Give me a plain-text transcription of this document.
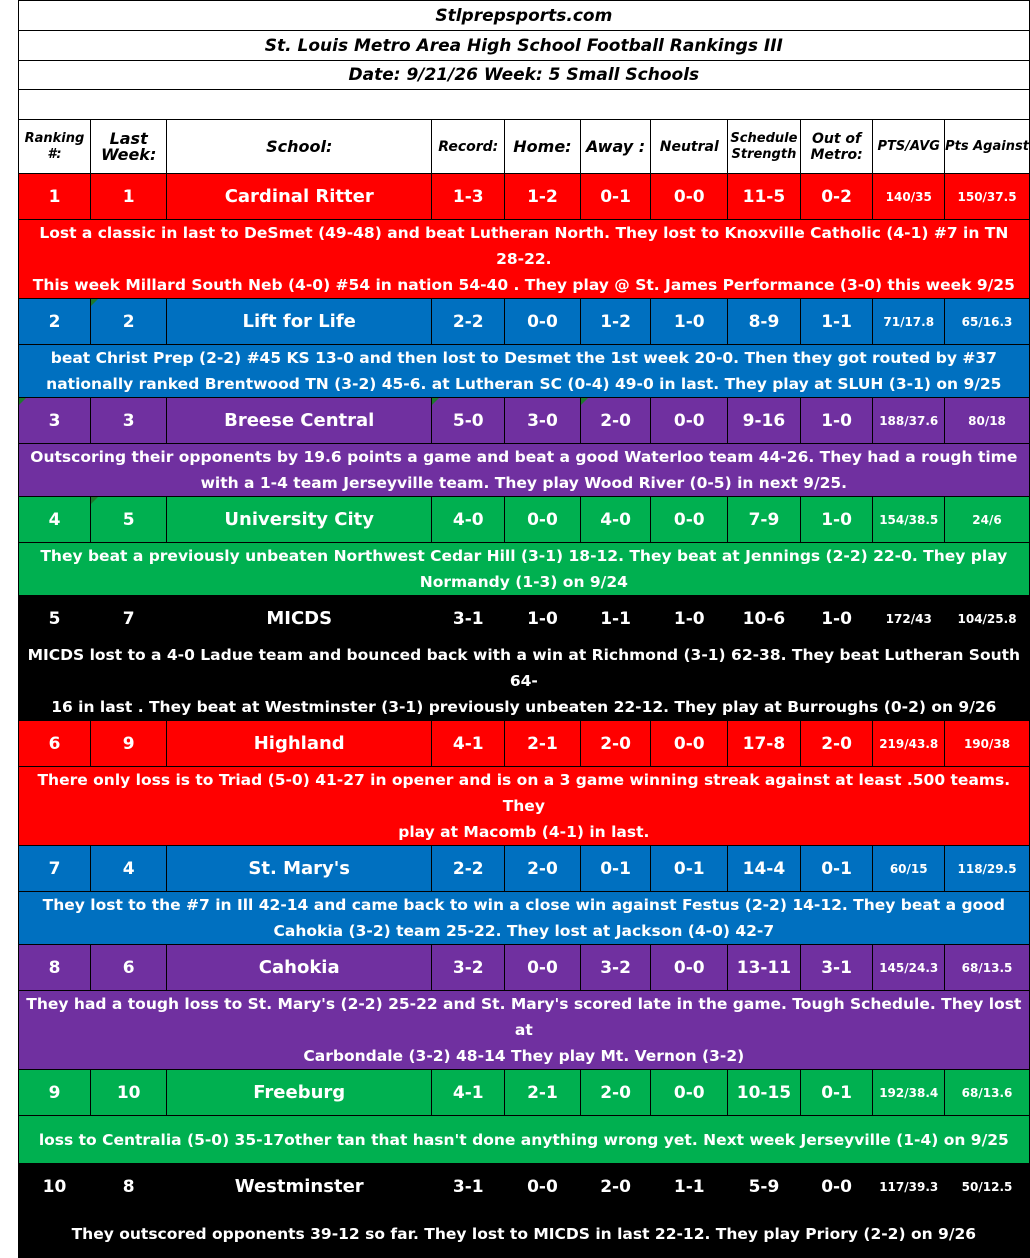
	Stlprepsports.com										
	St. Louis Metro Area High School Football Rankings III										
	Date: 9/21/26 Week: 5 Small Schools										

	Ranking #:	Last Week:	School:	Record:	Home:	Away :	Neutral	Schedule Strength	Out of Metro:	PTS/AVG	Pts Against
	1	1	Cardinal Ritter	1-3	1-2	0-1	0-0	11-5	0-2	140/35	150/37.5

	Lost a classic in last to DeSmet (49-48) and beat Lutheran North. They lost to Knoxville Catholic (4-1) #7 in TN 28-22.
This week Millard South Neb (4-0) #54 in nation 54-40 . They play @ St. James Performance (3-0) this week 9/25										

	2	2	Lift for Life	2-2	0-0	1-2	1-0	8-9	1-1	71/17.8	65/16.3

	beat Christ Prep (2-2) #45 KS 13-0 and then lost to Desmet the 1st week 20-0. Then they got routed by #37
nationally ranked Brentwood TN (3-2) 45-6. at Lutheran SC (0-4) 49-0 in last. They play at SLUH (3-1) on 9/25										

	3	3	Breese Central	5-0	3-0	2-0	0-0	9-16	1-0	188/37.6	80/18

	Outscoring their opponents by 19.6 points a game and beat a good Waterloo team 44-26. They had a rough time
with a 1-4 team Jerseyville team. They play Wood River (0-5) in next 9/25.										

	4	5	University City	4-0	0-0	4-0	0-0	7-9	1-0	154/38.5	24/6

	They beat a previously unbeaten Northwest Cedar Hill (3-1) 18-12. They beat at Jennings (2-2) 22-0. They play
Normandy (1-3) on 9/24										

	5	7	MICDS	3-1	1-0	1-1	1-0	10-6	1-0	172/43	104/25.8

	MICDS lost to a 4-0 Ladue team and bounced back with a win at Richmond (3-1) 62-38. They beat Lutheran South 64-
16 in last . They beat at Westminster (3-1) previously unbeaten 22-12. They play at Burroughs (0-2) on 9/26										

	6	9	Highland	4-1	2-1	2-0	0-0	17-8	2-0	219/43.8	190/38

	There only loss is to Triad (5-0) 41-27 in opener and is on a 3 game winning streak against at least .500 teams. They
play at Macomb (4-1) in last.										

	7	4	St. Mary's	2-2	2-0	0-1	0-1	14-4	0-1	60/15	118/29.5

	They lost to the #7 in Ill 42-14 and came back to win a close win against Festus (2-2) 14-12. They beat a good
Cahokia (3-2) team 25-22. They lost at Jackson (4-0) 42-7										

	8	6	Cahokia	3-2	0-0	3-2	0-0	13-11	3-1	145/24.3	68/13.5

	They had a tough loss to St. Mary's (2-2) 25-22 and St. Mary's scored late in the game. Tough Schedule. They lost at
Carbondale (3-2) 48-14 They play Mt. Vernon (3-2)										

	9	10	Freeburg	4-1	2-1	2-0	0-0	10-15	0-1	192/38.4	68/13.6

	loss to Centralia (5-0) 35-17other tan that hasn't done anything wrong yet. Next week Jerseyville (1-4) on 9/25										

	10	8	Westminster	3-1	0-0	2-0	1-1	5-9	0-0	117/39.3	50/12.5

	They outscored opponents 39-12 so far. They lost to MICDS in last 22-12. They play Priory (2-2) on 9/26										
